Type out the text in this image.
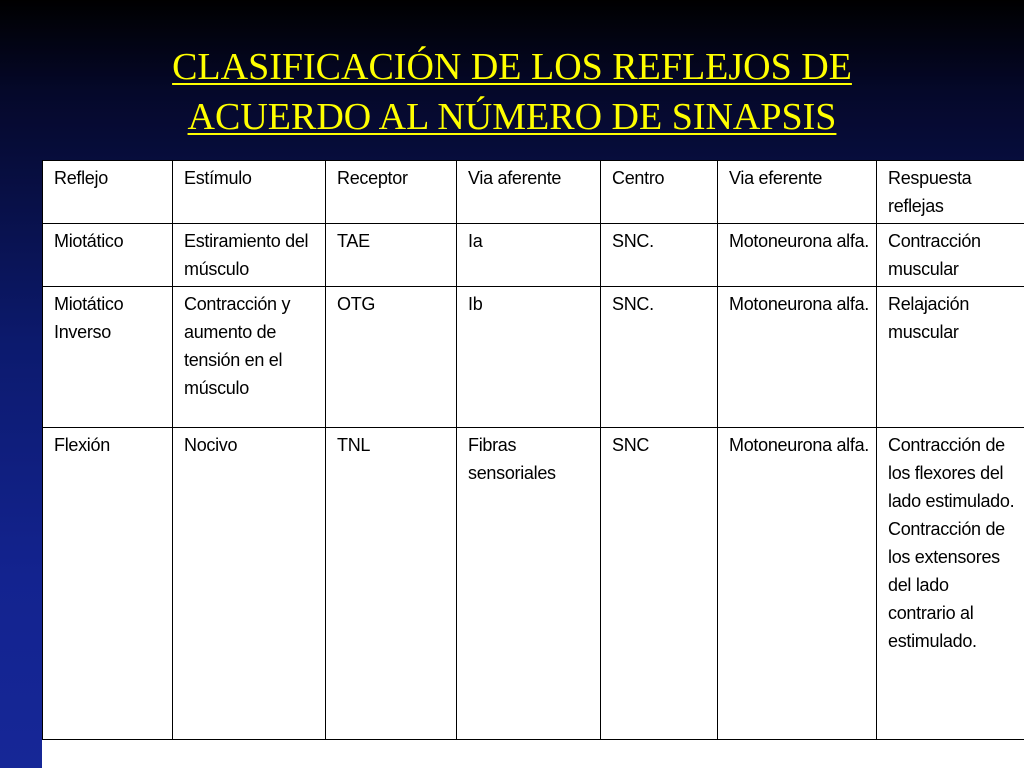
CLASIFICACIÓN DE LOS REFLEJOS DE
ACUERDO AL NÚMERO DE SINAPSIS
Reflejo	Estímulo	Receptor	Via aferente	Centro	Via eferente	Respuesta reflejas
Miotático	Estiramiento del músculo	TAE	Ia	SNC.	Motoneurona alfa.	Contracción muscular
Miotático Inverso	Contracción y aumento de tensión en el músculo	OTG	Ib	SNC.	Motoneurona alfa.	Relajación muscular
Flexión	Nocivo	TNL	Fibras sensoriales	SNC	Motoneurona alfa.	Contracción de los flexores del lado estimulado. Contracción de los extensores del lado contrario al estimulado.
